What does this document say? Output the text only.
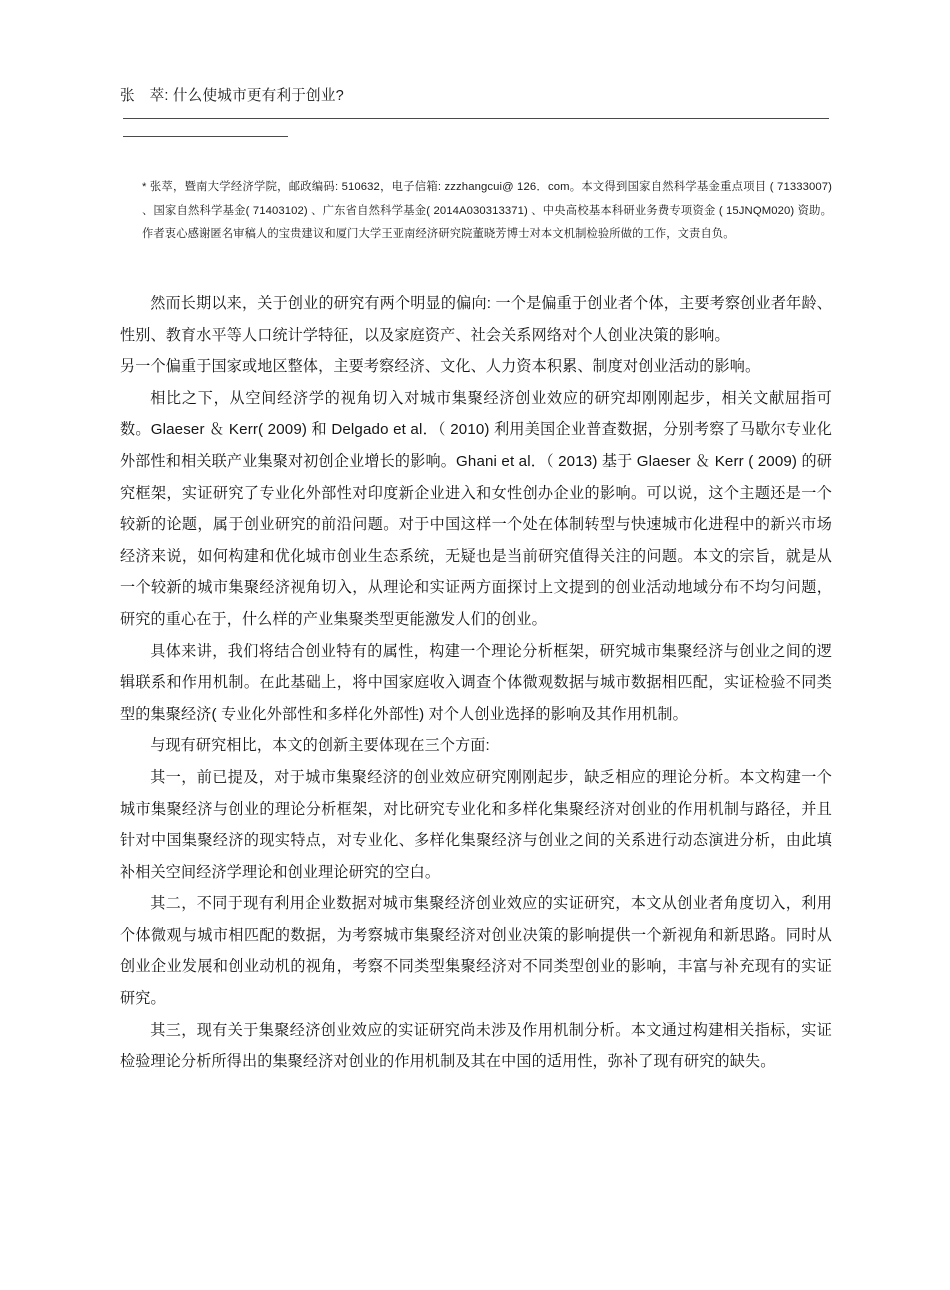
张　萃: 什么使城市更有利于创业?
* 张萃，暨南大学经济学院，邮政编码: 510632，电子信箱: zzzhangcui@ 126．com。本文得到国家自然科学基金重点项目 ( 71333007) 、国家自然科学基金( 71403102) 、广东省自然科学基金( 2014A030313371) 、中央高校基本科研业务费专项资金 ( 15JNQM020) 资助。作者衷心感谢匿名审稿人的宝贵建议和厦门大学王亚南经济研究院董晓芳博士对本文机制检验所做的工作，文责自负。

然而长期以来，关于创业的研究有两个明显的偏向: 一个是偏重于创业者个体，主要考察创业者年龄、性别、教育水平等人口统计学特征，以及家庭资产、社会关系网络对个人创业决策的影响。

另一个偏重于国家或地区整体，主要考察经济、文化、人力资本积累、制度对创业活动的影响。

相比之下，从空间经济学的视角切入对城市集聚经济创业效应的研究却刚刚起步，相关文献屈指可数。Glaeser ＆ Kerr( 2009) 和 Delgado et al．（ 2010) 利用美国企业普查数据，分别考察了马歇尔专业化外部性和相关联产业集聚对初创企业增长的影响。Ghani et al．（ 2013) 基于 Glaeser ＆ Kerr ( 2009) 的研究框架，实证研究了专业化外部性对印度新企业进入和女性创办企业的影响。可以说，这个主题还是一个较新的论题，属于创业研究的前沿问题。对于中国这样一个处在体制转型与快速城市化进程中的新兴市场经济来说，如何构建和优化城市创业生态系统，无疑也是当前研究值得关注的问题。本文的宗旨，就是从一个较新的城市集聚经济视角切入，从理论和实证两方面探讨上文提到的创业活动地域分布不均匀问题，研究的重心在于，什么样的产业集聚类型更能激发人们的创业。

具体来讲，我们将结合创业特有的属性，构建一个理论分析框架，研究城市集聚经济与创业之间的逻辑联系和作用机制。在此基础上，将中国家庭收入调查个体微观数据与城市数据相匹配，实证检验不同类型的集聚经济( 专业化外部性和多样化外部性) 对个人创业选择的影响及其作用机制。

与现有研究相比，本文的创新主要体现在三个方面:

其一，前已提及，对于城市集聚经济的创业效应研究刚刚起步，缺乏相应的理论分析。本文构建一个城市集聚经济与创业的理论分析框架，对比研究专业化和多样化集聚经济对创业的作用机制与路径，并且针对中国集聚经济的现实特点，对专业化、多样化集聚经济与创业之间的关系进行动态演进分析，由此填补相关空间经济学理论和创业理论研究的空白。

其二，不同于现有利用企业数据对城市集聚经济创业效应的实证研究，本文从创业者角度切入，利用个体微观与城市相匹配的数据，为考察城市集聚经济对创业决策的影响提供一个新视角和新思路。同时从创业企业发展和创业动机的视角，考察不同类型集聚经济对不同类型创业的影响，丰富与补充现有的实证研究。

其三，现有关于集聚经济创业效应的实证研究尚未涉及作用机制分析。本文通过构建相关指标，实证检验理论分析所得出的集聚经济对创业的作用机制及其在中国的适用性，弥补了现有研究的缺失。
